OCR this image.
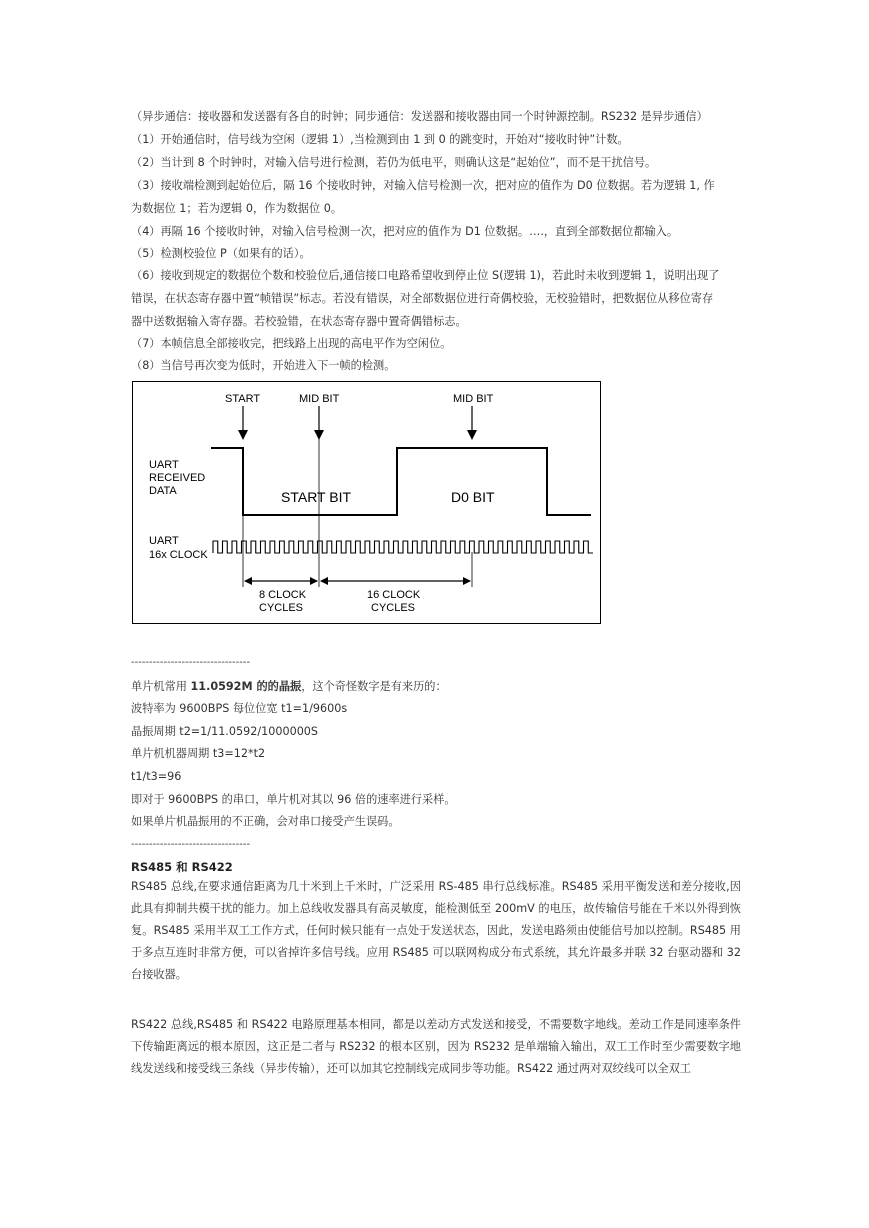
（异步通信：接收器和发送器有各自的时钟；同步通信：发送器和接收器由同一个时钟源控制。RS232 是异步通信）
（1）开始通信时，信号线为空闲（逻辑 1）,当检测到由 1 到 0 的跳变时，开始对“接收时钟”计数。
（2）当计到 8 个时钟时，对输入信号进行检测，若仍为低电平，则确认这是“起始位”，而不是干扰信号。
（3）接收端检测到起始位后，隔 16 个接收时钟，对输入信号检测一次，把对应的值作为 D0 位数据。若为逻辑 1, 作
为数据位 1；若为逻辑 0，作为数据位 0。
（4）再隔 16 个接收时钟，对输入信号检测一次，把对应的值作为 D1 位数据。….，直到全部数据位都输入。
（5）检测校验位 P（如果有的话）。
（6）接收到规定的数据位个数和校验位后,通信接口电路希望收到停止位 S(逻辑 1)，若此时未收到逻辑 1，说明出现了
错误，在状态寄存器中置“帧错误”标志。若没有错误，对全部数据位进行奇偶校验，无校验错时，把数据位从移位寄存
器中送数据输入寄存器。若校验错，在状态寄存器中置奇偶错标志。
（7）本帧信息全部接收完，把线路上出现的高电平作为空闲位。
（8）当信号再次变为低时，开始进入下一帧的检测。
START	MID BIT	MID BIT
UART
RECEIVED
DATA	START BIT	D0 BIT
UART
16x CLOCK
8 CLOCK
CYCLES
16 CLOCK
CYCLES
---------------------------------
单片机常用 11.0592M 的的晶振，这个奇怪数字是有来历的：
波特率为 9600BPS 每位位宽 t1=1/9600s
晶振周期 t2=1/11.0592/1000000S
单片机机器周期 t3=12*t2
t1/t3=96
即对于 9600BPS 的串口，单片机对其以 96 倍的速率进行采样。
如果单片机晶振用的不正确，会对串口接受产生误码。
---------------------------------
RS485 和 RS422
RS485 总线,在要求通信距离为几十米到上千米时，广泛采用 RS-485 串行总线标准。RS485 采用平衡发送和差分接收,因此具有抑制共模干扰的能力。加上总线收发器具有高灵敏度，能检测低至 200mV 的电压，故传输信号能在千米以外得到恢复。RS485 采用半双工工作方式，任何时候只能有一点处于发送状态，因此，发送电路须由使能信号加以控制。RS485 用于多点互连时非常方便，可以省掉许多信号线。应用 RS485 可以联网构成分布式系统，其允许最多并联 32 台驱动器和 32 台接收器。
RS422 总线,RS485 和 RS422 电路原理基本相同，都是以差动方式发送和接受，不需要数字地线。差动工作是同速率条件下传输距离远的根本原因，这正是二者与 RS232 的根本区别，因为 RS232 是单端输入输出，双工工作时至少需要数字地线发送线和接受线三条线（异步传输），还可以加其它控制线完成同步等功能。RS422 通过两对双绞线可以全双工
